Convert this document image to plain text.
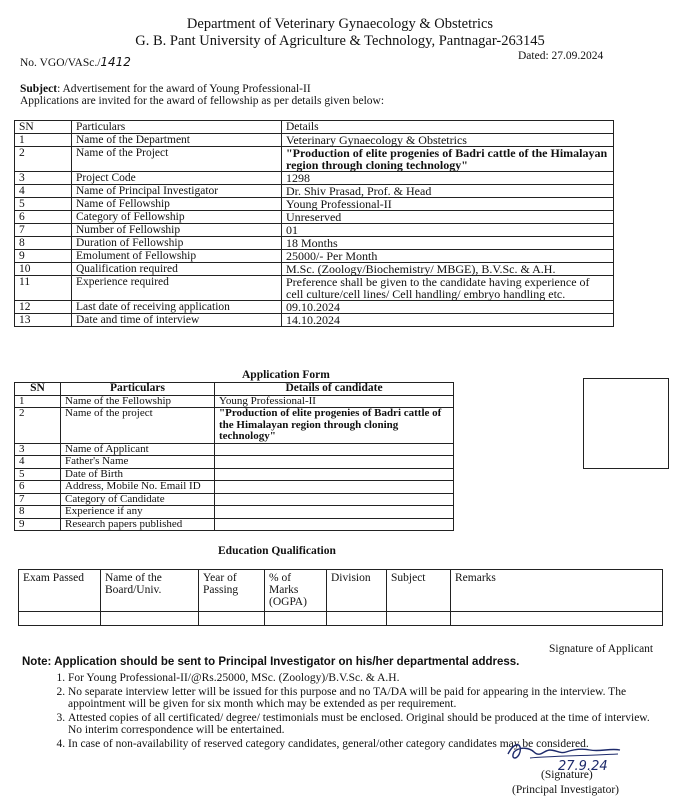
Department of Veterinary Gynaecology & Obstetrics
G. B. Pant University of Agriculture & Technology, Pantnagar-263145
No. VGO/VASc./1412	Dated: 27.09.2024
Subject: Advertisement for the award of Young Professional-II
Applications are invited for the award of fellowship as per details given below:
SN	Particulars	Details
1	Name of the Department	Veterinary Gynaecology & Obstetrics
2	Name of the Project	"Production of elite progenies of Badri cattle of the Himalayan region through cloning technology"
3	Project Code	1298
4	Name of Principal Investigator	Dr. Shiv Prasad, Prof. & Head
5	Name of Fellowship	Young Professional-II
6	Category of Fellowship	Unreserved
7	Number of Fellowship	01
8	Duration of Fellowship	18 Months
9	Emolument of Fellowship	25000/- Per Month
10	Qualification required	M.Sc. (Zoology/Biochemistry/ MBGE), B.V.Sc. & A.H.
11	Experience required	Preference shall be given to the candidate having experience of cell culture/cell lines/ Cell handling/ embryo handling etc.
12	Last date of receiving application	09.10.2024
13	Date and time of interview	14.10.2024
Application Form
SN	Particulars	Details of candidate
1	Name of the Fellowship	Young Professional-II
2	Name of the project	"Production of elite progenies of Badri cattle of the Himalayan region through cloning technology"
3	Name of Applicant	
4	Father's Name	
5	Date of Birth	
6	Address, Mobile No. Email ID	
7	Category of Candidate	
8	Experience if any	
9	Research papers published	
Education Qualification
Exam Passed	Name of the Board/Univ.	Year of Passing	% of Marks (OGPA)	Division	Subject	Remarks

Signature of Applicant
Note: Application should be sent to Principal Investigator on his/her departmental address.
1. For Young Professional-II/@Rs.25000, MSc. (Zoology)/B.V.Sc. & A.H.
2. No separate interview letter will be issued for this purpose and no TA/DA will be paid for appearing in the interview. The appointment will be given for six month which may be extended as per requirement.
3. Attested copies of all certificated/ degree/ testimonials must be enclosed. Original should be produced at the time of interview. No interim correspondence will be entertained.
4. In case of non-availability of reserved category candidates, general/other category candidates may be considered.
27.9.24
(Signature)
(Principal Investigator)
